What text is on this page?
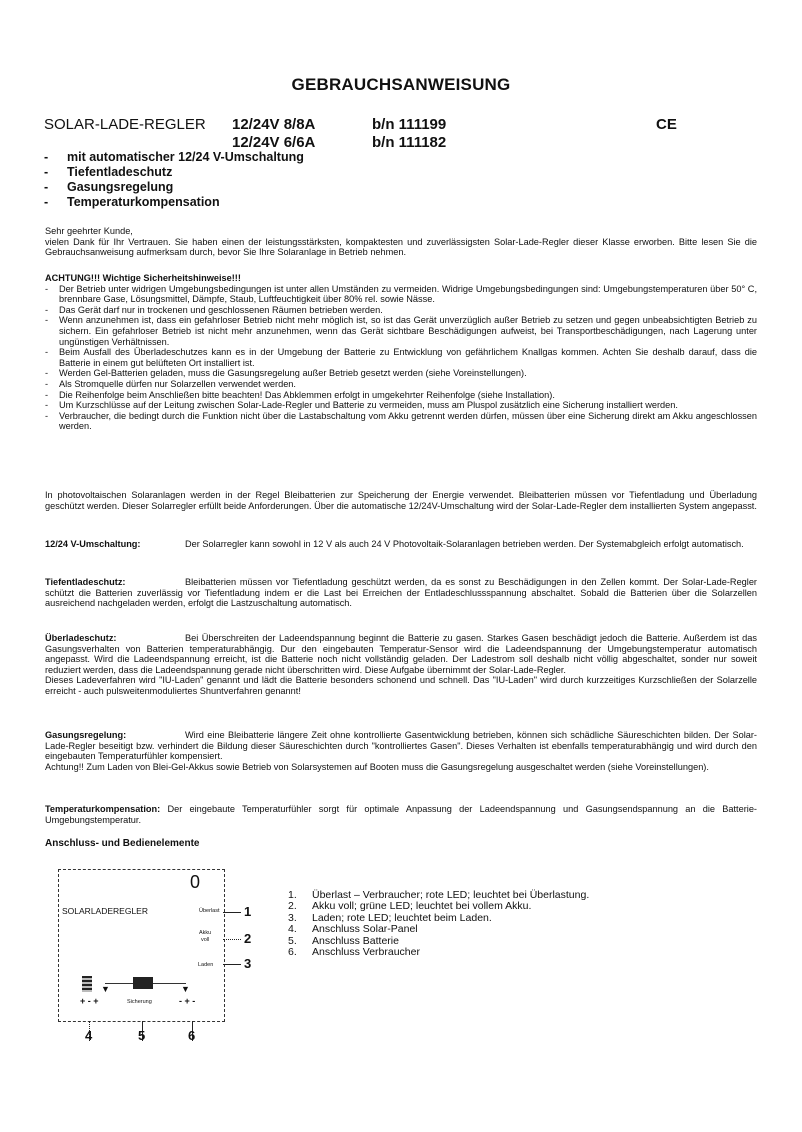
GEBRAUCHSANWEISUNG
SOLAR-LADE-REGLER 12/24V 8/8A	b/n 111199	CE
12/24V 6/6A	b/n 111182
- mit automatischer 12/24 V-Umschaltung
- Tiefentladeschutz
- Gasungsregelung
- Temperaturkompensation

Sehr geehrter Kunde,

vielen Dank für Ihr Vertrauen. Sie haben einen der leistungsstärksten, kompaktesten und zuverlässigsten Solar-Lade-Regler dieser Klasse erworben. Bitte lesen Sie die Gebrauchsanweisung aufmerksam durch, bevor Sie Ihre Solaranlage in Betrieb nehmen.

ACHTUNG!!! Wichtige Sicherheitshinweise!!!

-	Der Betrieb unter widrigen Umgebungsbedingungen ist unter allen Umständen zu vermeiden. Widrige Umgebungsbedingungen sind: Umgebungstemperaturen über 50° C, brennbare Gase, Lösungsmittel, Dämpfe, Staub, Luftfeuchtigkeit über 80% rel. sowie Nässe.
-	Das Gerät darf nur in trockenen und geschlossenen Räumen betrieben werden.
-	Wenn anzunehmen ist, dass ein gefahrloser Betrieb nicht mehr möglich ist, so ist das Gerät unverzüglich außer Betrieb zu setzen und gegen unbeabsichtigten Betrieb zu sichern. Ein gefahrloser Betrieb ist nicht mehr anzunehmen, wenn das Gerät sichtbare Beschädigungen aufweist, bei Transportbeschädigungen, nach Lagerung unter ungünstigen Verhältnissen.
-	Beim Ausfall des Überladeschutzes kann es in der Umgebung der Batterie zu Entwicklung von gefährlichem Knallgas kommen. Achten Sie deshalb darauf, dass die Batterie in einem gut belüfteten Ort installiert ist.
-	Werden Gel-Batterien geladen, muss die Gasungsregelung außer Betrieb gesetzt werden (siehe Voreinstellungen).
-	Als Stromquelle dürfen nur Solarzellen verwendet werden.
-	Die Reihenfolge beim Anschließen bitte beachten! Das Abklemmen erfolgt in umgekehrter Reihenfolge (siehe Installation).
-	Um Kurzschlüsse auf der Leitung zwischen Solar-Lade-Regler und Batterie zu vermeiden, muss am Pluspol zusätzlich eine Sicherung installiert werden.
-	Verbraucher, die bedingt durch die Funktion nicht über die Lastabschaltung vom Akku getrennt werden dürfen, müssen über eine Sicherung direkt am Akku angeschlossen werden.
In photovoltaischen Solaranlagen werden in der Regel Bleibatterien zur Speicherung der Energie verwendet. Bleibatterien müssen vor Tiefentladung und Überladung geschützt werden. Dieser Solarregler erfüllt beide Anforderungen. Über die automatische 12/24V-Umschaltung wird der Solar-Lade-Regler dem installierten System angepasst.
12/24 V-Umschaltung:	Der Solarregler kann sowohl in 12 V als auch 24 V Photovoltaik-Solaranlagen betrieben werden. Der Systemabgleich erfolgt automatisch.
Tiefentladeschutz:	Bleibatterien müssen vor Tiefentladung geschützt werden, da es sonst zu Beschädigungen in den Zellen kommt. Der Solar-Lade-Regler schützt die Batterien zuverlässig vor Tiefentladung indem er die Last bei Erreichen der Entladeschlussspannung abschaltet. Sobald die Batterien über die Solarzellen ausreichend nachgeladen werden, erfolgt die Lastzuschaltung automatisch.
Überladeschutz:	Bei Überschreiten der Ladeendspannung beginnt die Batterie zu gasen. Starkes Gasen beschädigt jedoch die Batterie. Außerdem ist das Gasungsverhalten von Batterien temperaturabhängig. Dur den eingebauten Temperatur-Sensor wird die Ladeendspannung der Umgebungstemperatur automatisch angepasst. Wird die Ladeendspannung erreicht, ist die Batterie noch nicht vollständig geladen. Der Ladestrom soll deshalb nicht völlig abgeschaltet, sonder nur soweit reduziert werden, dass die Ladeendspannung gerade nicht überschritten wird. Diese Aufgabe übernimmt der Solar-Lade-Regler.

Dieses Ladeverfahren wird "IU-Laden" genannt und lädt die Batterie besonders schonend und schnell. Das "IU-Laden" wird durch kurzzeitiges Kurzschließen der Solarzelle erreicht - auch pulsweitenmoduliertes Shuntverfahren genannt!

Gasungsregelung:	Wird eine Bleibatterie längere Zeit ohne kontrollierte Gasentwicklung betrieben, können sich schädliche Säureschichten bilden. Der Solar-Lade-Regler beseitigt bzw. verhindert die Bildung dieser Säureschichten durch "kontrolliertes Gasen". Dieses Verhalten ist ebenfalls temperaturabhängig und wird durch den eingebauten Temperaturfühler kompensiert.

Achtung!! Zum Laden von Blei-Gel-Akkus sowie Betrieb von Solarsystemen auf Booten muss die Gasungsregelung ausgeschaltet werden (siehe Voreinstellungen).

Temperaturkompensation: Der eingebaute Temperaturfühler sorgt für optimale Anpassung der Ladeendspannung und Gasungsendspannung an die Batterie-Umgebungstemperatur.
Anschluss- und Bedienelemente
0
SOLARLADEREGLER	Überlast
Akku
voll
Laden
1
2
3
▼	▼
+ - +	Sicherung	- + -
4	5	6
1.	Überlast – Verbraucher; rote LED; leuchtet bei Überlastung.
2.	Akku voll; grüne LED; leuchtet bei vollem Akku.
3.	Laden; rote LED; leuchtet beim Laden.
4.	Anschluss Solar-Panel
5.	Anschluss Batterie
6.	Anschluss Verbraucher
